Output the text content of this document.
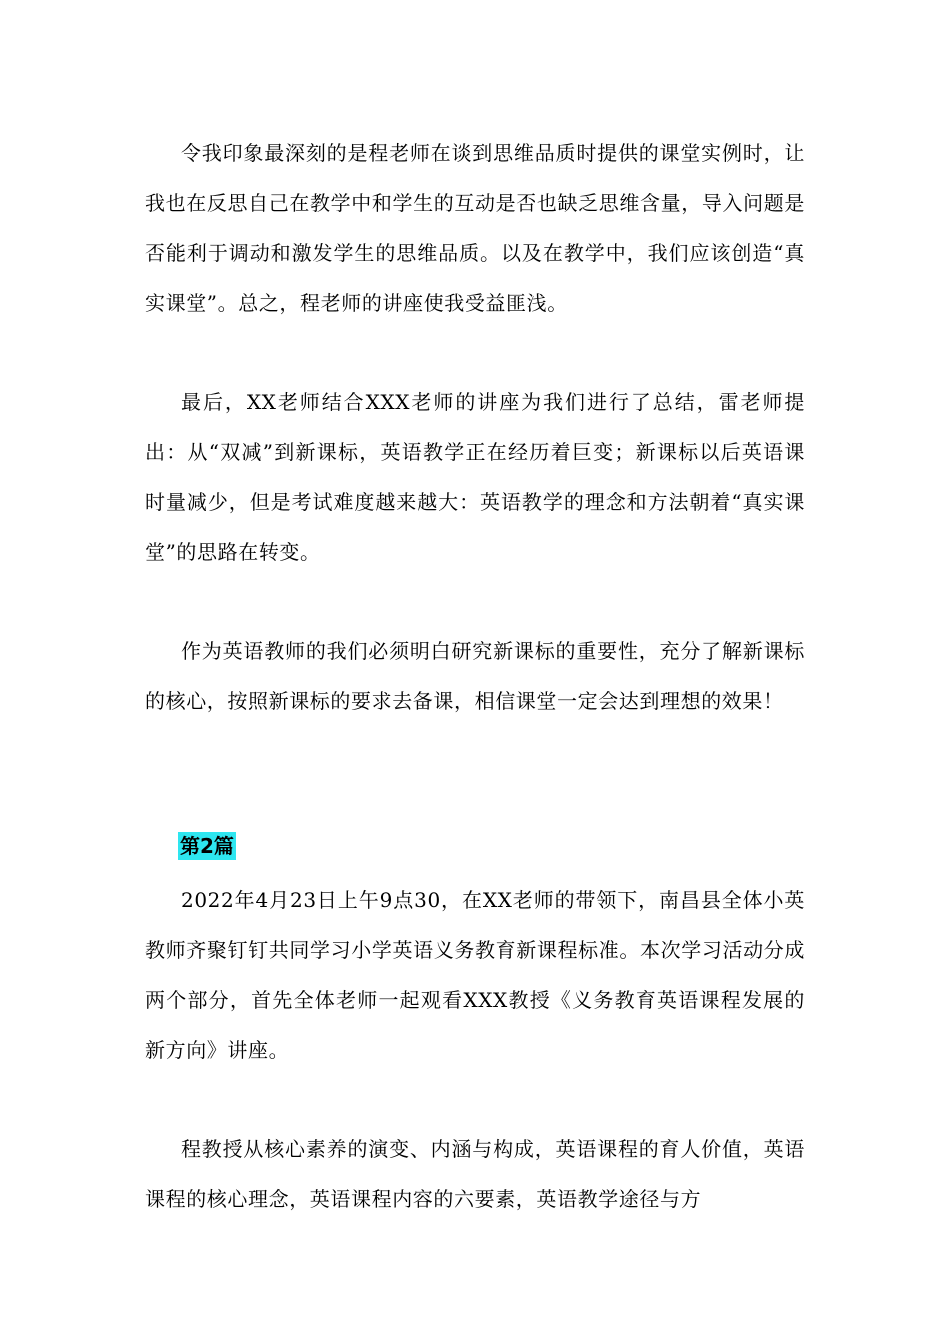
令我印象最深刻的是程老师在谈到思维品质时提供的课堂实例时，让我也在反思自己在教学中和学生的互动是否也缺乏思维含量，导入问题是否能利于调动和激发学生的思维品质。以及在教学中，我们应该创造“真实课堂”。总之，程老师的讲座使我受益匪浅。

最后，XX老师结合XXX老师的讲座为我们进行了总结，雷老师提出：从“双减”到新课标，英语教学正在经历着巨变；新课标以后英语课时量减少，但是考试难度越来越大：英语教学的理念和方法朝着“真实课堂”的思路在转变。

作为英语教师的我们必须明白研究新课标的重要性，充分了解新课标的核心，按照新课标的要求去备课，相信课堂一定会达到理想的效果！

第2篇

2022年4月23日上午9点30，在XX老师的带领下，南昌县全体小英教师齐聚钉钉共同学习小学英语义务教育新课程标准。本次学习活动分成两个部分，首先全体老师一起观看XXX教授《义务教育英语课程发展的新方向》讲座。

程教授从核心素养的演变、内涵与构成，英语课程的育人价值，英语课程的核心理念，英语课程内容的六要素，英语教学途径与方
